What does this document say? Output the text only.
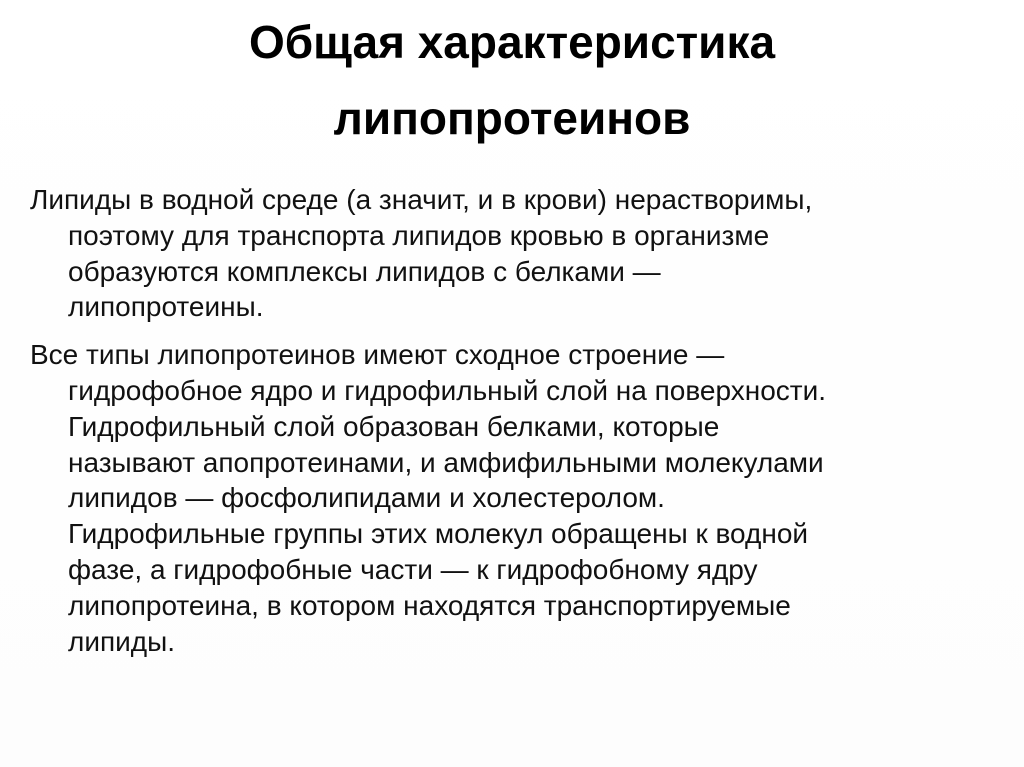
Общая характеристика
липопротеинов

Липиды в водной среде (а значит, и в крови) нерастворимы,
поэтому для транспорта липидов кровью в организме
образуются комплексы липидов с белками —
липопротеины.

Все типы липопротеинов имеют сходное строение —
гидрофобное ядро и гидрофильный слой на поверхности.
Гидрофильный слой образован белками, которые
называют апопротеинами, и амфифильными молекулами
липидов — фосфолипидами и холестеролом.
Гидрофильные группы этих молекул обращены к водной
фазе, а гидрофобные части — к гидрофобному ядру
липопротеина, в котором находятся транспортируемые
липиды.
